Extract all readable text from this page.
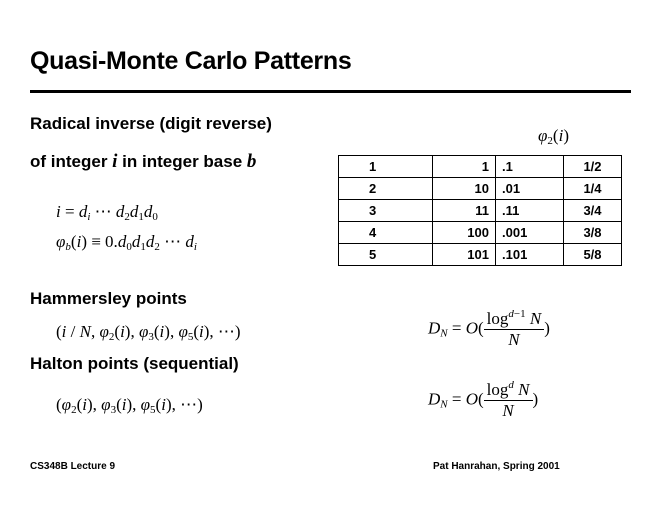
Quasi-Monte Carlo Patterns
Radical inverse (digit reverse)
of integer i in integer base b
$i = d_i$ ⋯ $d_2d_1d_0$
$\varphi_b(i) \equiv 0.d_0d_1d_2$ ⋯ $d_i$
$\varphi_2(i)$
1	1	.1	1/2
2	10	.01	1/4
3	11	.11	3/4
4	100	.001	3/8
5	101	.101	5/8
Hammersley points
(i / N, $\varphi_2(i)$, $\varphi_3(i)$, $\varphi_5(i)$, ⋯)	$D_N = O( \frac{\log^{d-1} N}{N}$ )
Halton points (sequential)
($\varphi_2(i)$, $\varphi_3(i)$, $\varphi_5(i)$, ⋯)	$D_N = O( \frac{\log^d N}{N}$ )
CS348B Lecture 9	Pat Hanrahan, Spring 2001
